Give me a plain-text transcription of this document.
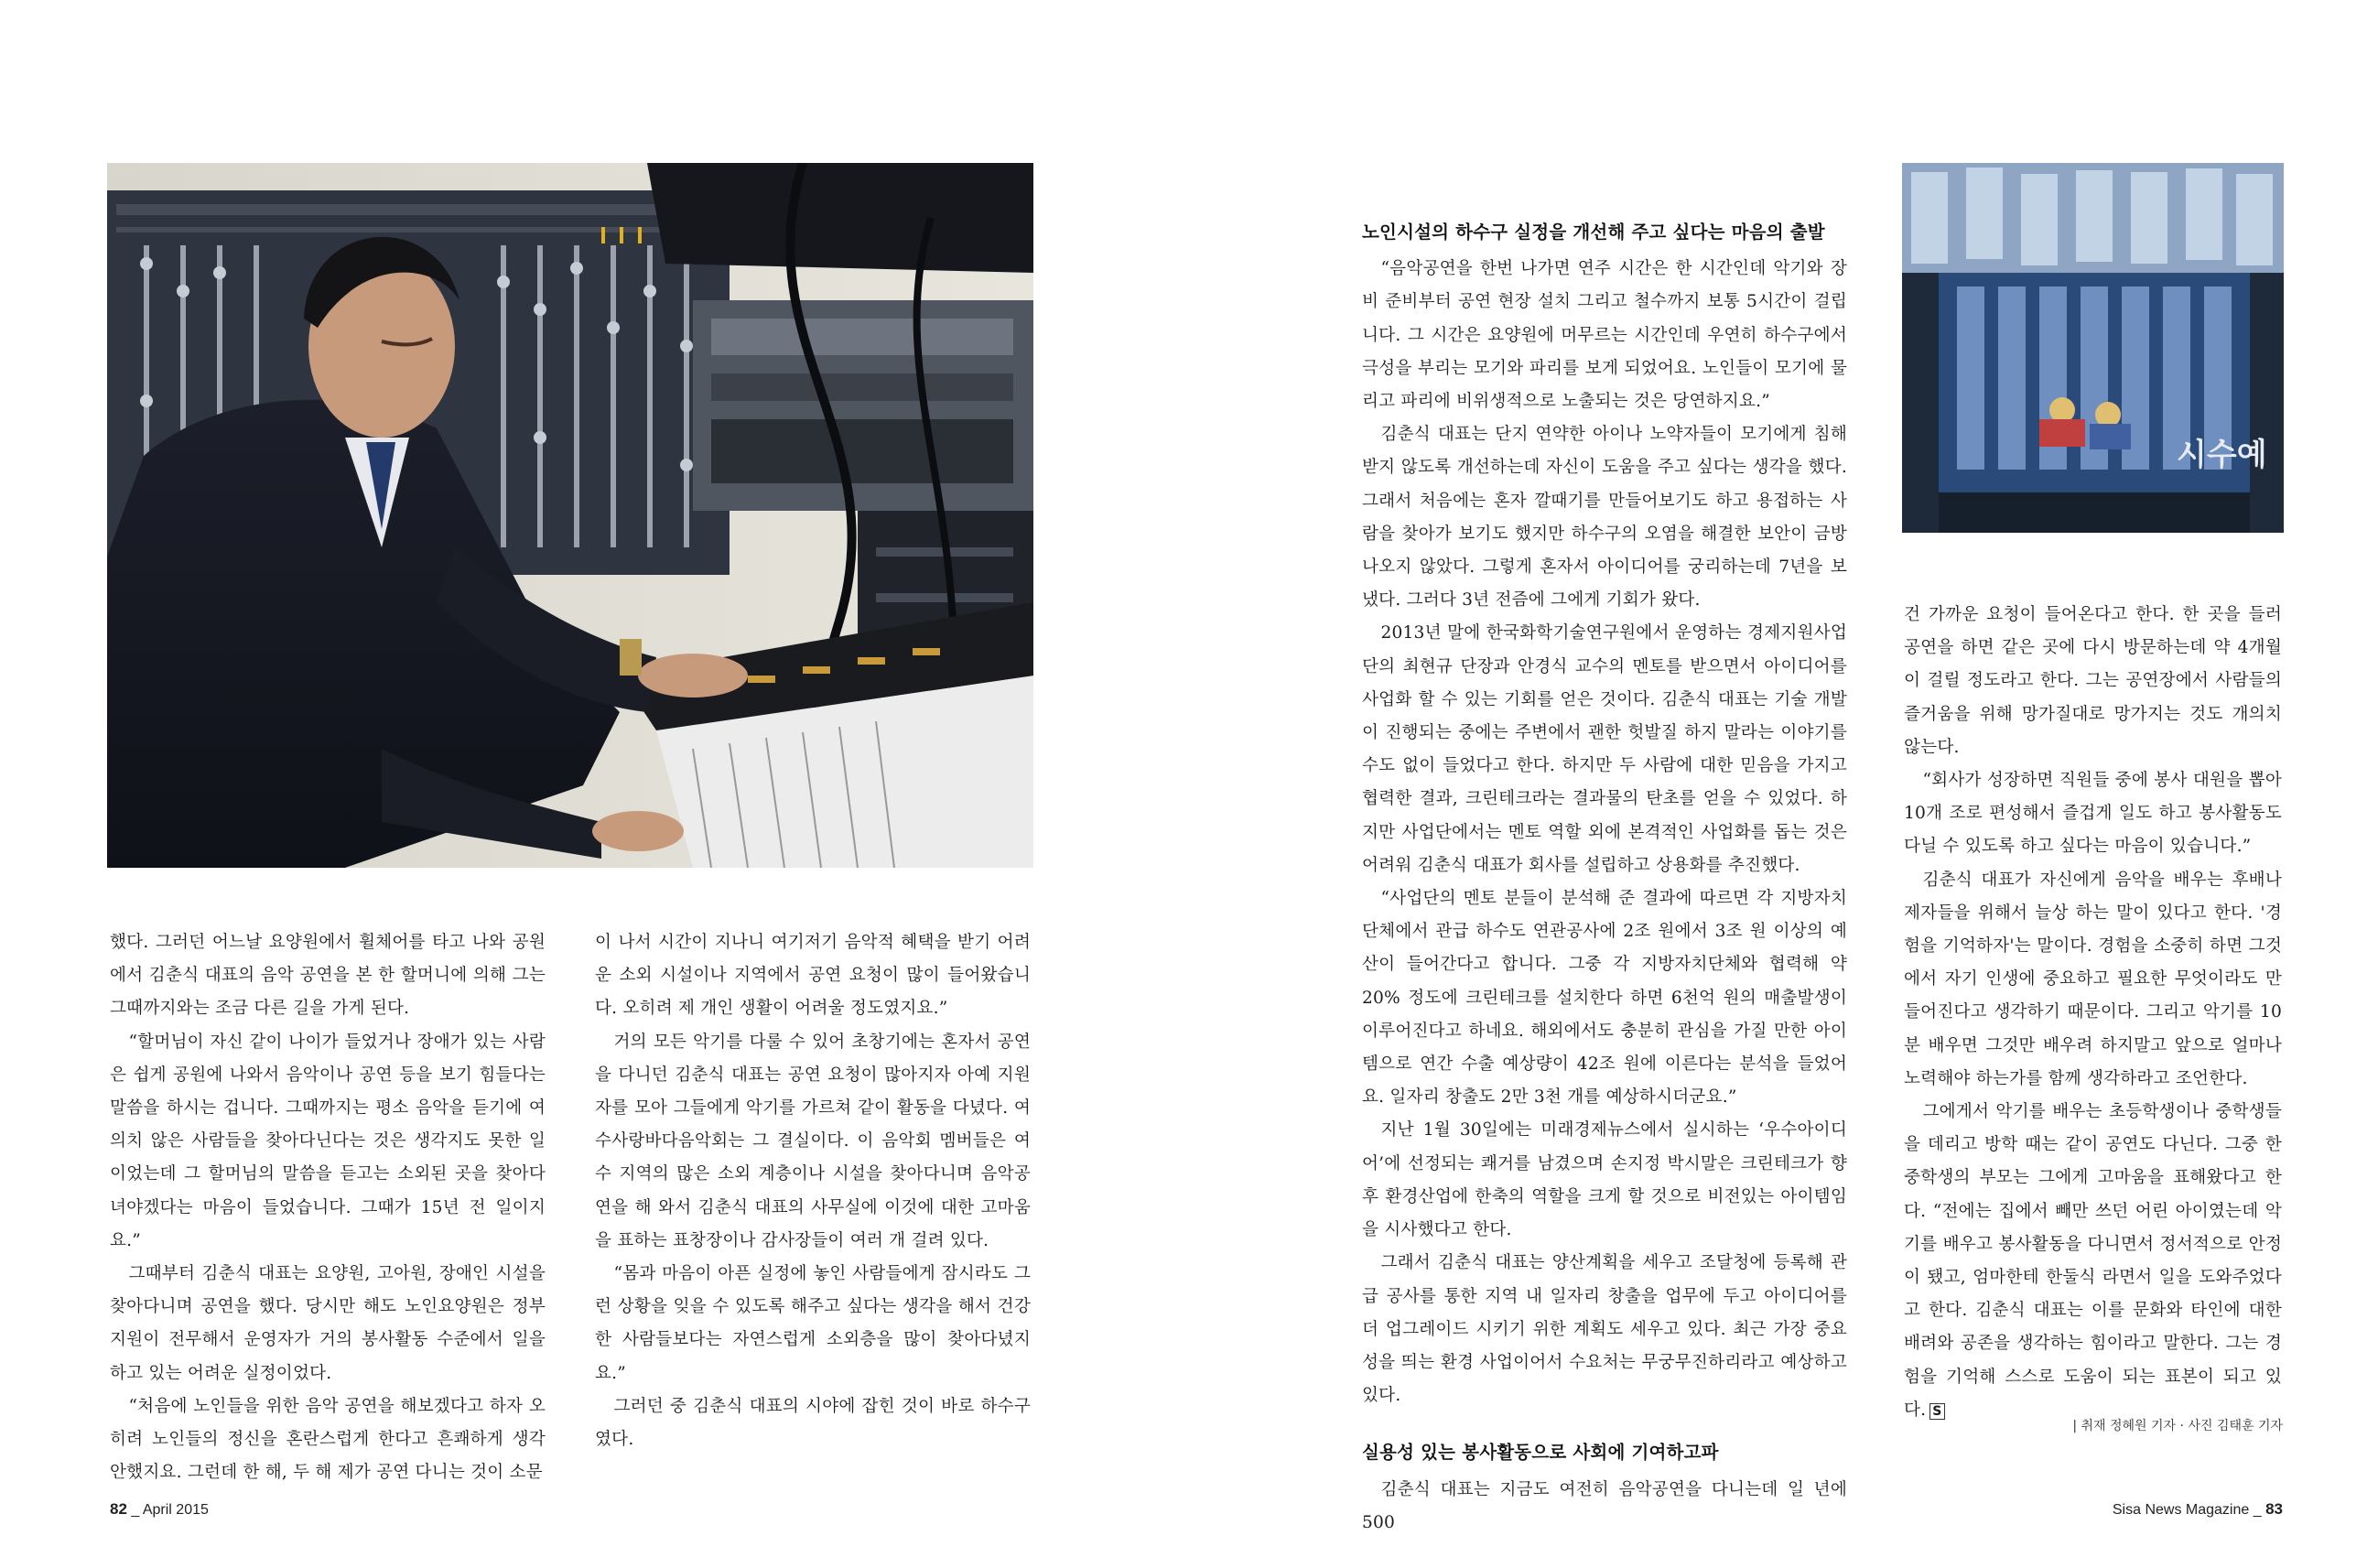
시수예

했다. 그러던 어느날 요양원에서 휠체어를 타고 나와 공원에서 김춘식 대표의 음악 공연을 본 한 할머니에 의해 그는 그때까지와는 조금 다른 길을 가게 된다.

“할머님이 자신 같이 나이가 들었거나 장애가 있는 사람은 쉽게 공원에 나와서 음악이나 공연 등을 보기 힘들다는 말씀을 하시는 겁니다. 그때까지는 평소 음악을 듣기에 여의치 않은 사람들을 찾아다닌다는 것은 생각지도 못한 일이었는데 그 할머님의 말씀을 듣고는 소외된 곳을 찾아다녀야겠다는 마음이 들었습니다. 그때가 15년 전 일이지요.”

그때부터 김춘식 대표는 요양원, 고아원, 장애인 시설을 찾아다니며 공연을 했다. 당시만 해도 노인요양원은 정부 지원이 전무해서 운영자가 거의 봉사활동 수준에서 일을 하고 있는 어려운 실정이었다.

“처음에 노인들을 위한 음악 공연을 해보겠다고 하자 오히려 노인들의 정신을 혼란스럽게 한다고 흔쾌하게 생각 안했지요. 그런데 한 해, 두 해 제가 공연 다니는 것이 소문

이 나서 시간이 지나니 여기저기 음악적 혜택을 받기 어려운 소외 시설이나 지역에서 공연 요청이 많이 들어왔습니다. 오히려 제 개인 생활이 어려울 정도였지요.”

거의 모든 악기를 다룰 수 있어 초창기에는 혼자서 공연을 다니던 김춘식 대표는 공연 요청이 많아지자 아예 지원자를 모아 그들에게 악기를 가르쳐 같이 활동을 다녔다. 여수사랑바다음악회는 그 결실이다. 이 음악회 멤버들은 여수 지역의 많은 소외 계층이나 시설을 찾아다니며 음악공연을 해 와서 김춘식 대표의 사무실에 이것에 대한 고마움을 표하는 표창장이나 감사장들이 여러 개 걸려 있다.

“몸과 마음이 아픈 실정에 놓인 사람들에게 잠시라도 그런 상황을 잊을 수 있도록 해주고 싶다는 생각을 해서 건강한 사람들보다는 자연스럽게 소외층을 많이 찾아다녔지요.”

그러던 중 김춘식 대표의 시야에 잡힌 것이 바로 하수구였다.

노인시설의 하수구 실정을 개선해 주고 싶다는 마음의 출발

“음악공연을 한번 나가면 연주 시간은 한 시간인데 악기와 장비 준비부터 공연 현장 설치 그리고 철수까지 보통 5시간이 걸립니다. 그 시간은 요양원에 머무르는 시간인데 우연히 하수구에서 극성을 부리는 모기와 파리를 보게 되었어요. 노인들이 모기에 물리고 파리에 비위생적으로 노출되는 것은 당연하지요.”

김춘식 대표는 단지 연약한 아이나 노약자들이 모기에게 침해받지 않도록 개선하는데 자신이 도움을 주고 싶다는 생각을 했다. 그래서 처음에는 혼자 깔때기를 만들어보기도 하고 용접하는 사람을 찾아가 보기도 했지만 하수구의 오염을 해결한 보안이 금방 나오지 않았다. 그렇게 혼자서 아이디어를 궁리하는데 7년을 보냈다. 그러다 3년 전즘에 그에게 기회가 왔다.

2013년 말에 한국화학기술연구원에서 운영하는 경제지원사업단의 최현규 단장과 안경식 교수의 멘토를 받으면서 아이디어를 사업화 할 수 있는 기회를 얻은 것이다. 김춘식 대표는 기술 개발이 진행되는 중에는 주변에서 괜한 헛발질 하지 말라는 이야기를 수도 없이 들었다고 한다. 하지만 두 사람에 대한 믿음을 가지고 협력한 결과, 크린테크라는 결과물의 탄초를 얻을 수 있었다. 하지만 사업단에서는 멘토 역할 외에 본격적인 사업화를 돕는 것은 어려워 김춘식 대표가 회사를 설립하고 상용화를 추진했다.

“사업단의 멘토 분들이 분석해 준 결과에 따르면 각 지방자치단체에서 관급 하수도 연관공사에 2조 원에서 3조 원 이상의 예산이 들어간다고 합니다. 그중 각 지방자치단체와 협력해 약 20% 정도에 크린테크를 설치한다 하면 6천억 원의 매출발생이 이루어진다고 하네요. 해외에서도 충분히 관심을 가질 만한 아이템으로 연간 수출 예상량이 42조 원에 이른다는 분석을 들었어요. 일자리 창출도 2만 3천 개를 예상하시더군요.”

지난 1월 30일에는 미래경제뉴스에서 실시하는 ‘우수아이디어’에 선정되는 쾌거를 남겼으며 손지정 박시말은 크린테크가 향후 환경산업에 한축의 역할을 크게 할 것으로 비전있는 아이템임을 시사했다고 한다.

그래서 김춘식 대표는 양산계획을 세우고 조달청에 등록해 관급 공사를 통한 지역 내 일자리 창출을 업무에 두고 아이디어를 더 업그레이드 시키기 위한 계획도 세우고 있다. 최근 가장 중요성을 띄는 환경 사업이어서 수요처는 무궁무진하리라고 예상하고 있다.

실용성 있는 봉사활동으로 사회에 기여하고파

김춘식 대표는 지금도 여전히 음악공연을 다니는데 일 년에 500

건 가까운 요청이 들어온다고 한다. 한 곳을 들러 공연을 하면 같은 곳에 다시 방문하는데 약 4개월이 걸릴 정도라고 한다. 그는 공연장에서 사람들의 즐거움을 위해 망가질대로 망가지는 것도 개의치 않는다.

“회사가 성장하면 직원들 중에 봉사 대원을 뽑아 10개 조로 편성해서 즐겁게 일도 하고 봉사활동도 다닐 수 있도록 하고 싶다는 마음이 있습니다.”

김춘식 대표가 자신에게 음악을 배우는 후배나 제자들을 위해서 늘상 하는 말이 있다고 한다. '경험을 기억하자'는 말이다. 경험을 소중히 하면 그것에서 자기 인생에 중요하고 필요한 무엇이라도 만들어진다고 생각하기 때문이다. 그리고 악기를 10분 배우면 그것만 배우려 하지말고 앞으로 얼마나 노력해야 하는가를 함께 생각하라고 조언한다.

그에게서 악기를 배우는 초등학생이나 중학생들을 데리고 방학 때는 같이 공연도 다닌다. 그중 한 중학생의 부모는 그에게 고마움을 표해왔다고 한다. “전에는 집에서 빼만 쓰던 어린 아이였는데 악기를 배우고 봉사활동을 다니면서 정서적으로 안정이 됐고, 엄마한테 한둘식 라면서 일을 도와주었다고 한다. 김춘식 대표는 이를 문화와 타인에 대한 배려와 공존을 생각하는 힘이라고 말한다. 그는 경험을 기억해 스스로 도움이 되는 표본이 되고 있다. S

| 취재 정혜원 기자 · 사진 김태훈 기자
82 _ April 2015	Sisa News Magazine _ 83
